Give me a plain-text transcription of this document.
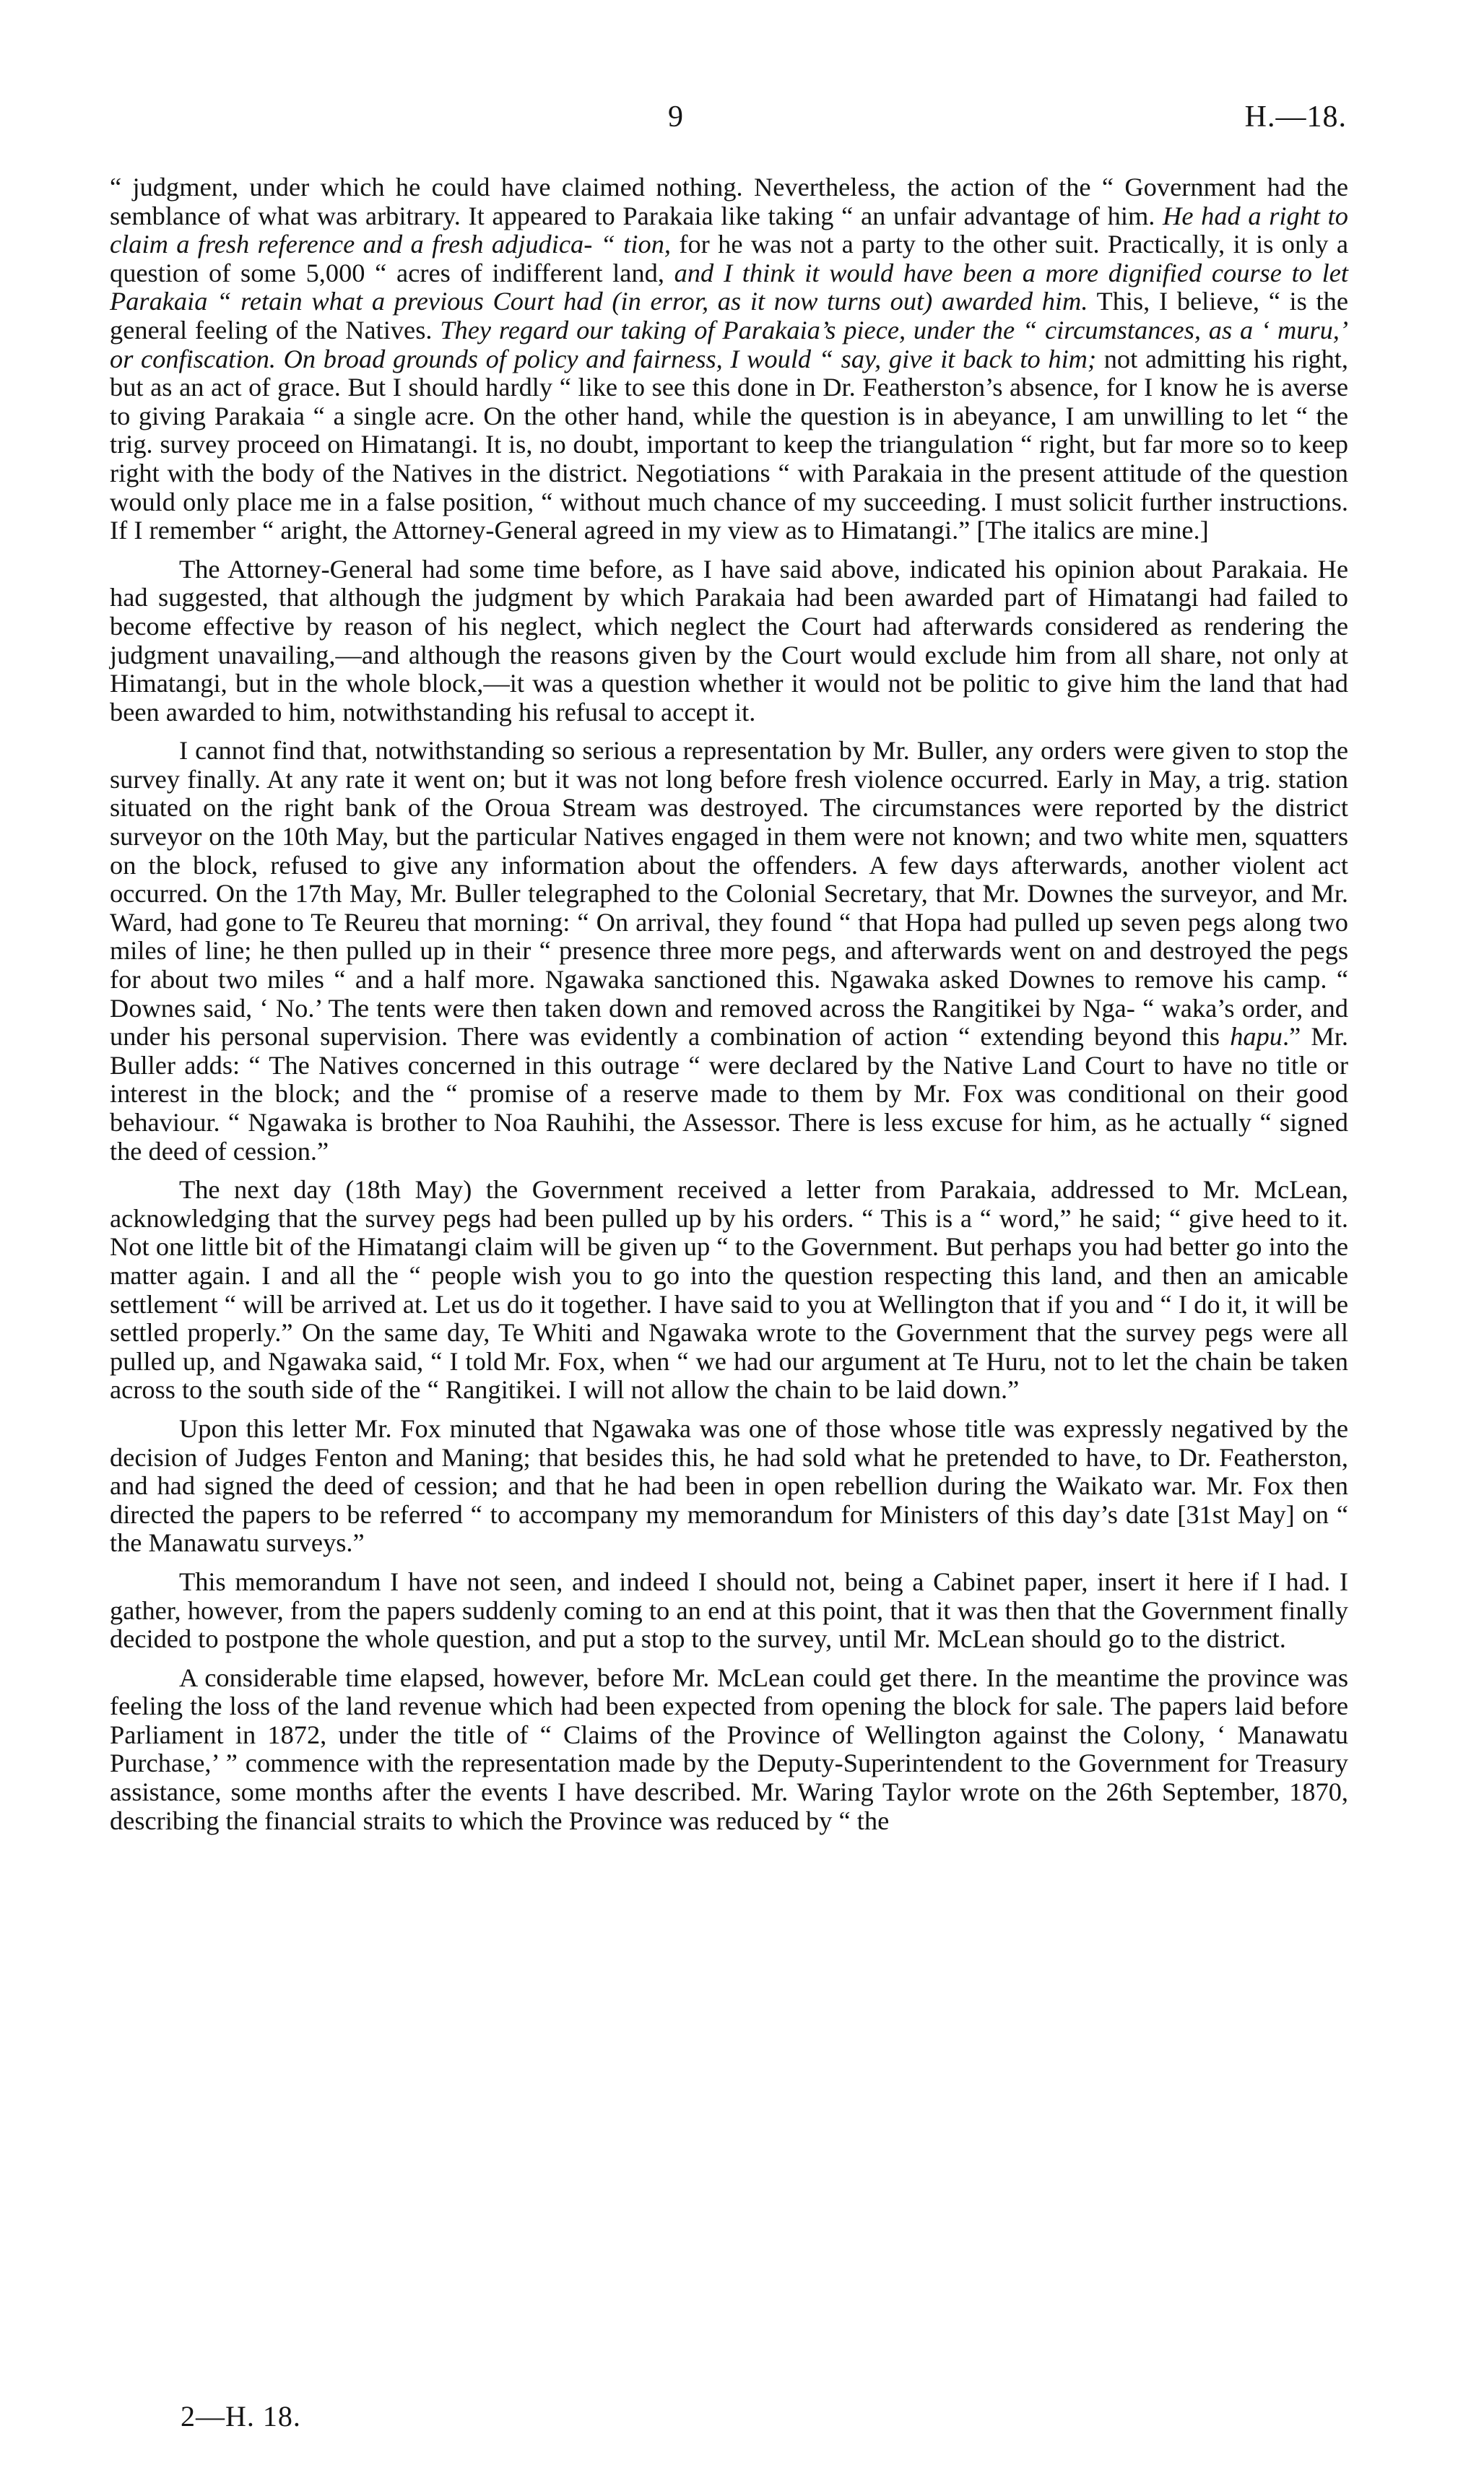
9	H.—18.

“ judgment, under which he could have claimed nothing. Nevertheless, the action of the “ Government had the semblance of what was arbitrary. It appeared to Parakaia like taking “ an unfair advantage of him. He had a right to claim a fresh reference and a fresh adjudica- “ tion, for he was not a party to the other suit. Practically, it is only a question of some 5,000 “ acres of indifferent land, and I think it would have been a more dignified course to let Parakaia “ retain what a previous Court had (in error, as it now turns out) awarded him. This, I believe, “ is the general feeling of the Natives. They regard our taking of Parakaia’s piece, under the “ circumstances, as a ‘ muru,’ or confiscation. On broad grounds of policy and fairness, I would “ say, give it back to him; not admitting his right, but as an act of grace. But I should hardly “ like to see this done in Dr. Featherston’s absence, for I know he is averse to giving Parakaia “ a single acre. On the other hand, while the question is in abeyance, I am unwilling to let “ the trig. survey proceed on Himatangi. It is, no doubt, important to keep the triangulation “ right, but far more so to keep right with the body of the Natives in the district. Negotiations “ with Parakaia in the present attitude of the question would only place me in a false position, “ without much chance of my succeeding. I must solicit further instructions. If I remember “ aright, the Attorney-General agreed in my view as to Himatangi.” [The italics are mine.]

The Attorney-General had some time before, as I have said above, indicated his opinion about Parakaia. He had suggested, that although the judgment by which Parakaia had been awarded part of Himatangi had failed to become effective by reason of his neglect, which neglect the Court had afterwards considered as rendering the judgment unavailing,—and although the reasons given by the Court would exclude him from all share, not only at Himatangi, but in the whole block,—it was a question whether it would not be politic to give him the land that had been awarded to him, notwithstanding his refusal to accept it.

I cannot find that, notwithstanding so serious a representation by Mr. Buller, any orders were given to stop the survey finally. At any rate it went on; but it was not long before fresh violence occurred. Early in May, a trig. station situated on the right bank of the Oroua Stream was destroyed. The circumstances were reported by the district surveyor on the 10th May, but the particular Natives engaged in them were not known; and two white men, squatters on the block, refused to give any information about the offenders. A few days afterwards, another violent act occurred. On the 17th May, Mr. Buller telegraphed to the Colonial Secretary, that Mr. Downes the surveyor, and Mr. Ward, had gone to Te Reureu that morning: “ On arrival, they found “ that Hopa had pulled up seven pegs along two miles of line; he then pulled up in their “ presence three more pegs, and afterwards went on and destroyed the pegs for about two miles “ and a half more. Ngawaka sanctioned this. Ngawaka asked Downes to remove his camp. “ Downes said, ‘ No.’ The tents were then taken down and removed across the Rangitikei by Nga- “ waka’s order, and under his personal supervision. There was evidently a combination of action “ extending beyond this hapu.” Mr. Buller adds: “ The Natives concerned in this outrage “ were declared by the Native Land Court to have no title or interest in the block; and the “ promise of a reserve made to them by Mr. Fox was conditional on their good behaviour. “ Ngawaka is brother to Noa Rauhihi, the Assessor. There is less excuse for him, as he actually “ signed the deed of cession.”

The next day (18th May) the Government received a letter from Parakaia, addressed to Mr. McLean, acknowledging that the survey pegs had been pulled up by his orders. “ This is a “ word,” he said; “ give heed to it. Not one little bit of the Himatangi claim will be given up “ to the Government. But perhaps you had better go into the matter again. I and all the “ people wish you to go into the question respecting this land, and then an amicable settlement “ will be arrived at. Let us do it together. I have said to you at Wellington that if you and “ I do it, it will be settled properly.” On the same day, Te Whiti and Ngawaka wrote to the Government that the survey pegs were all pulled up, and Ngawaka said, “ I told Mr. Fox, when “ we had our argument at Te Huru, not to let the chain be taken across to the south side of the “ Rangitikei. I will not allow the chain to be laid down.”

Upon this letter Mr. Fox minuted that Ngawaka was one of those whose title was expressly negatived by the decision of Judges Fenton and Maning; that besides this, he had sold what he pretended to have, to Dr. Featherston, and had signed the deed of cession; and that he had been in open rebellion during the Waikato war. Mr. Fox then directed the papers to be referred “ to accompany my memorandum for Ministers of this day’s date [31st May] on “ the Manawatu surveys.”

This memorandum I have not seen, and indeed I should not, being a Cabinet paper, insert it here if I had. I gather, however, from the papers suddenly coming to an end at this point, that it was then that the Government finally decided to postpone the whole question, and put a stop to the survey, until Mr. McLean should go to the district.

A considerable time elapsed, however, before Mr. McLean could get there. In the meantime the province was feeling the loss of the land revenue which had been expected from opening the block for sale. The papers laid before Parliament in 1872, under the title of “ Claims of the Province of Wellington against the Colony, ‘ Manawatu Purchase,’ ” commence with the representation made by the Deputy-Superintendent to the Government for Treasury assistance, some months after the events I have described. Mr. Waring Taylor wrote on the 26th September, 1870, describing the financial straits to which the Province was reduced by “ the

2—H. 18.
